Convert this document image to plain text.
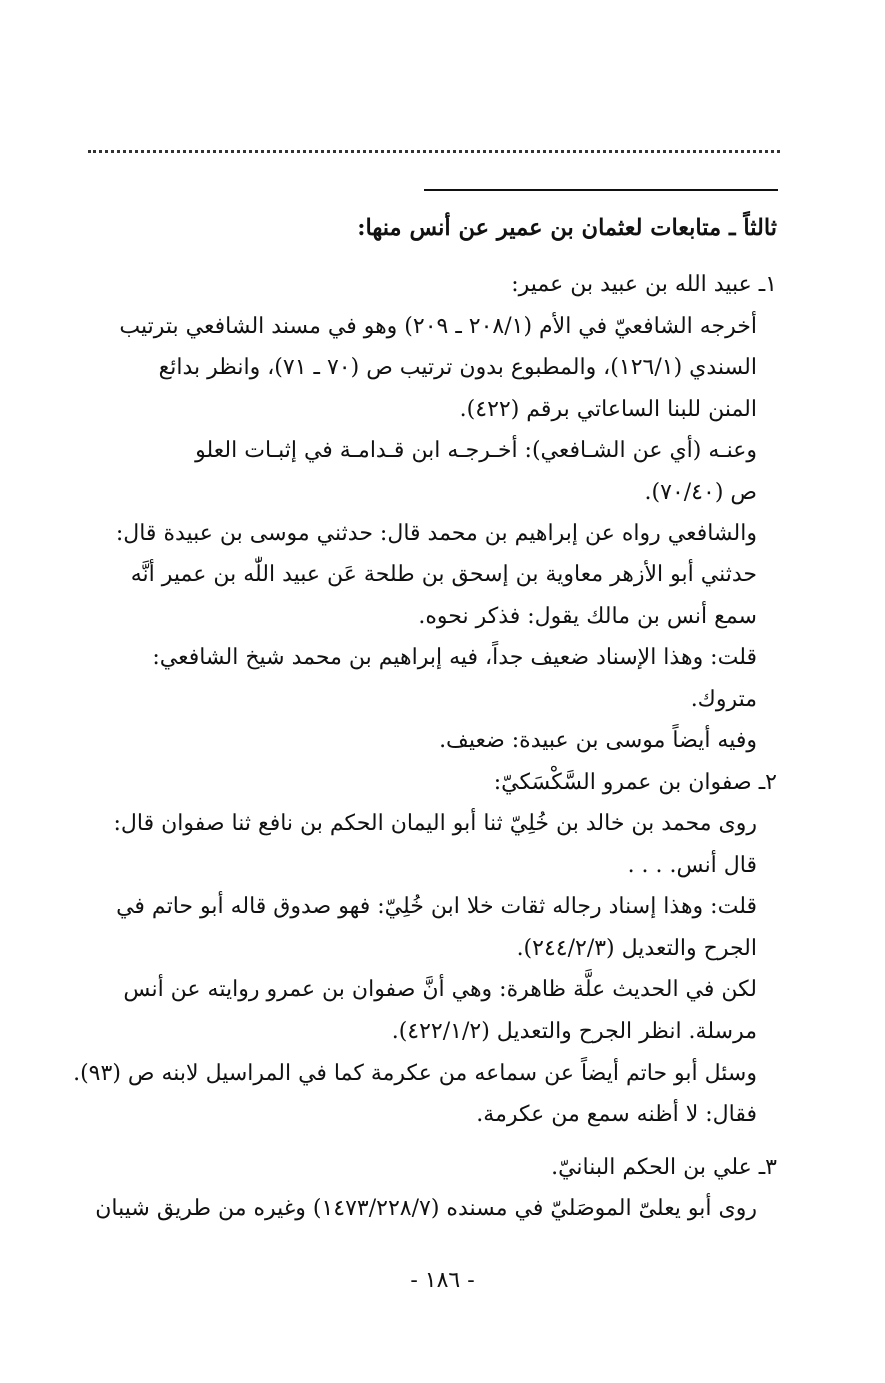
ثالثاً ـ متابعات لعثمان بن عمير عن أنس منها:
١ـ عبيد الله بن عبيد بن عمير:
أخرجه الشافعيّ في الأم (٢٠٨/١ ـ ٢٠٩) وهو في مسند الشافعي بترتيب
السندي (١٢٦/١)، والمطبوع بدون ترتيب ص (٧٠ ـ ٧١)، وانظر بدائع
المنن للبنا الساعاتي برقم (٤٢٢).
وعنـه (أي عن الشـافعي): أخـرجـه ابن قـدامـة في إثبـات العلو
ص (٧٠/٤٠).
والشافعي رواه عن إبراهيم بن محمد قال: حدثني موسى بن عبيدة قال:
حدثني أبو الأزهر معاوية بن إسحق بن طلحة عَن عبيد اللّٰه بن عمير أنَّه
سمع أنس بن مالك يقول: فذكر نحوه.
قلت: وهذا الإسناد ضعيف جداً، فيه إبراهيم بن محمد شيخ الشافعي:
متروك.
وفيه أيضاً موسى بن عبيدة: ضعيف.
٢ـ صفوان بن عمرو السَّكْسَكيّ:
روى محمد بن خالد بن خُلِيّ ثنا أبو اليمان الحكم بن نافع ثنا صفوان قال:
قال أنس. . . .
قلت: وهذا إسناد رجاله ثقات خلا ابن خُلِيّ: فهو صدوق قاله أبو حاتم في
الجرح والتعديل (٢٤٤/٢/٣).
لكن في الحديث علَّة ظاهرة: وهي أنَّ صفوان بن عمرو روايته عن أنس
مرسلة. انظر الجرح والتعديل (٤٢٢/١/٢).
وسئل أبو حاتم أيضاً عن سماعه من عكرمة كما في المراسيل لابنه ص (٩٣).
فقال: لا أظنه سمع من عكرمة.
٣ـ علي بن الحكم البنانيّ.
روى أبو يعلىّ الموصَليّ في مسنده (١٤٧٣/٢٢٨/٧) وغيره من طريق شيبان
- ١٨٦ -
